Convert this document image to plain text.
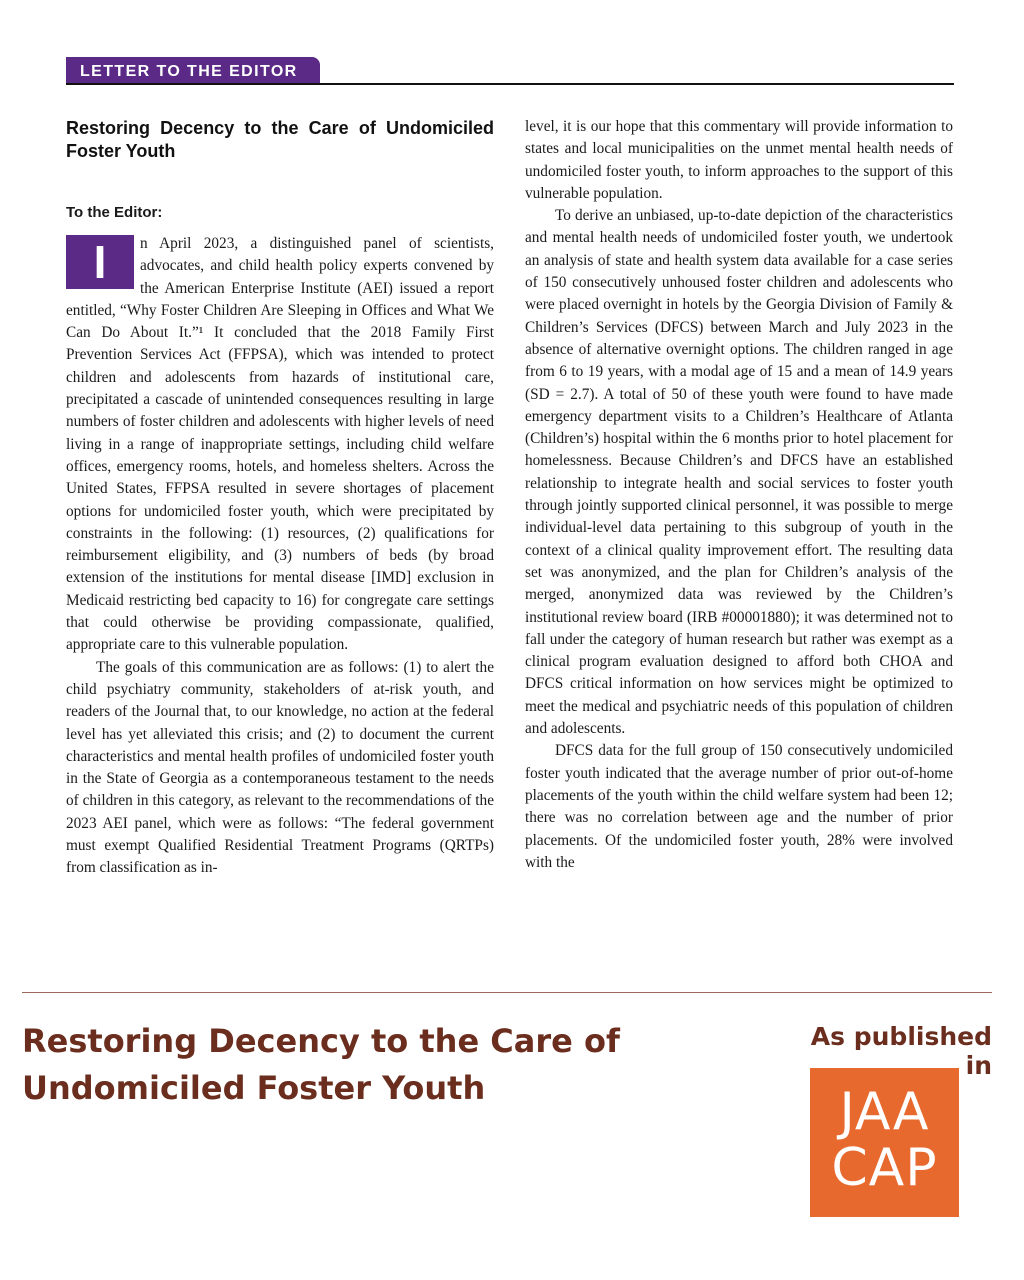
LETTER TO THE EDITOR
Restoring Decency to the Care of Undomiciled Foster Youth
To the Editor:

I	n April 2023, a distinguished panel of scientists, advocates, and child health policy experts convened by the American Enterprise Institute (AEI) issued a report entitled, “Why Foster Children Are Sleeping in Offices and What We Can Do About It.”¹ It concluded that the 2018 Family First Prevention Services Act (FFPSA), which was intended to protect children and adolescents from hazards of institutional care, precipitated a cascade of unintended consequences resulting in large numbers of foster children and adolescents with higher levels of need living in a range of inappropriate settings, including child welfare offices, emergency rooms, hotels, and homeless shelters. Across the United States, FFPSA resulted in severe shortages of placement options for undomiciled foster youth, which were precipitated by constraints in the following: (1) resources, (2) qualifications for reimbursement eligibility, and (3) numbers of beds (by broad extension of the institutions for mental disease [IMD] exclusion in Medicaid restricting bed capacity to 16) for congregate care settings that could otherwise be providing compassionate, qualified, appropriate care to this vulnerable population.

The goals of this communication are as follows: (1) to alert the child psychiatry community, stakeholders of at-risk youth, and readers of the Journal that, to our knowledge, no action at the federal level has yet alleviated this crisis; and (2) to document the current characteristics and mental health profiles of undomiciled foster youth in the State of Georgia as a contemporaneous testament to the needs of children in this category, as relevant to the recommendations of the 2023 AEI panel, which were as follows: “The federal government must exempt Qualified Residential Treatment Programs (QRTPs) from classification as in-

level, it is our hope that this commentary will provide information to states and local municipalities on the unmet mental health needs of undomiciled foster youth, to inform approaches to the support of this vulnerable population.

To derive an unbiased, up-to-date depiction of the characteristics and mental health needs of undomiciled foster youth, we undertook an analysis of state and health system data available for a case series of 150 consecutively unhoused foster children and adolescents who were placed overnight in hotels by the Georgia Division of Family & Children’s Services (DFCS) between March and July 2023 in the absence of alternative overnight options. The children ranged in age from 6 to 19 years, with a modal age of 15 and a mean of 14.9 years (SD = 2.7). A total of 50 of these youth were found to have made emergency department visits to a Children’s Healthcare of Atlanta (Children’s) hospital within the 6 months prior to hotel placement for homelessness. Because Children’s and DFCS have an established relationship to integrate health and social services to foster youth through jointly supported clinical personnel, it was possible to merge individual-level data pertaining to this subgroup of youth in the context of a clinical quality improvement effort. The resulting data set was anonymized, and the plan for Children’s analysis of the merged, anonymized data was reviewed by the Children’s institutional review board (IRB #00001880); it was determined not to fall under the category of human research but rather was exempt as a clinical program evaluation designed to afford both CHOA and DFCS critical information on how services might be optimized to meet the medical and psychiatric needs of this population of children and adolescents.

DFCS data for the full group of 150 consecutively undomiciled foster youth indicated that the average number of prior out-of-home placements of the youth within the child welfare system had been 12; there was no correlation between age and the number of prior placements. Of the undomiciled foster youth, 28% were involved with the

Restoring Decency to the Care of Undomiciled Foster Youth
As published in
JAA
CAP
